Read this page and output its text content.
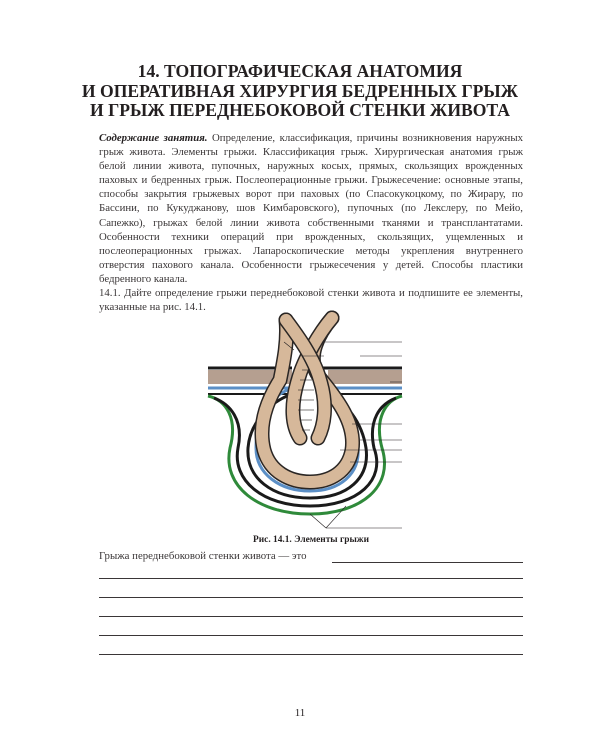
14. ТОПОГРАФИЧЕСКАЯ АНАТОМИЯ
И ОПЕРАТИВНАЯ ХИРУРГИЯ БЕДРЕННЫХ ГРЫЖ
И ГРЫЖ ПЕРЕДНЕБОКОВОЙ СТЕНКИ ЖИВОТА

Содержание занятия. Определение, классификация, причины возникновения наружных грыж живота. Элементы грыжи. Классификация грыж. Хирургическая анатомия грыж белой линии живота, пупочных, наружных косых, прямых, скользящих врожденных паховых и бедренных грыж. Послеоперационные грыжи. Грыжесечение: основные этапы, способы закрытия грыжевых ворот при паховых (по Спасокукоцкому, по Жирару, по Бассини, по Кукуджанову, шов Кимбаровского), пупочных (по Лекслеру, по Мейо, Сапежко), грыжах белой линии живота собственными тканями и трансплантатами. Особенности техники операций при врожденных, скользящих, ущемленных и послеоперационных грыжах. Лапароскопические методы укрепления внутреннего отверстия пахового канала. Особенности грыжесечения у детей. Способы пластики бедренного канала.

14.1. Дайте определение грыжи переднебоковой стенки живота и подпишите ее элементы, указанные на рис. 14.1.
Рис. 14.1. Элементы грыжи
Грыжа переднебоковой стенки живота — это
11
